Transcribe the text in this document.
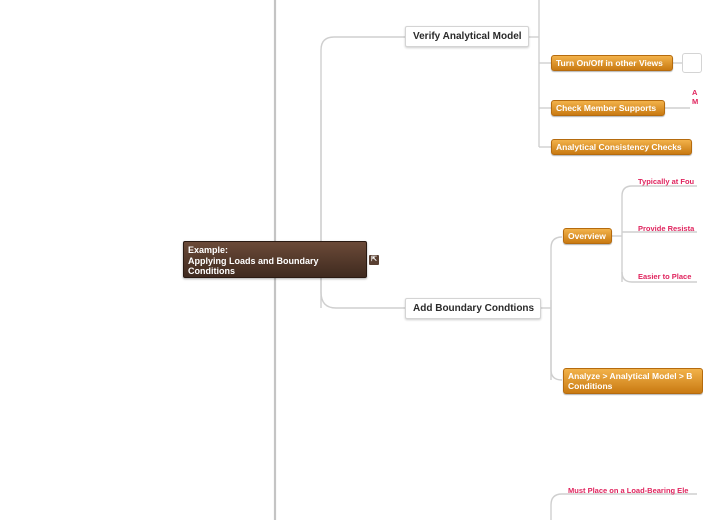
Example:
Applying Loads and Boundary
Conditions
⇱
Verify Analytical Model
Add Boundary Condtions
Turn On/Off in other Views
Check Member Supports
Analytical Consistency Checks
A
M
Overview
Analyze > Analytical Model > B
Conditions
Typically at Fou
Provide Resista
Easier to Place
Must Place on a Load-Bearing Ele
